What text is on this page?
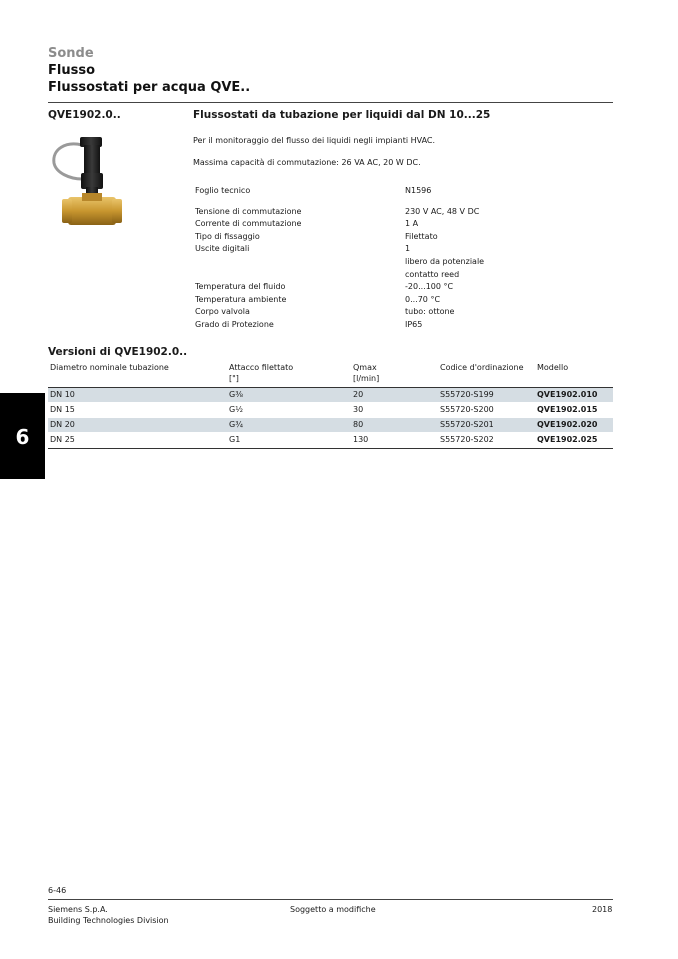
Sonde
Flusso
Flussostati per acqua QVE..
QVE1902.0..	Flussostati da tubazione per liquidi dal DN 10...25
Per il monitoraggio del flusso dei liquidi negli impianti HVAC.
Massima capacità di commutazione: 26 VA AC, 20 W DC.
Foglio tecnico	N1596
Tensione di commutazione	230 V AC, 48 V DC
Corrente di commutazione	1 A
Tipo di fissaggio	Filettato
Uscite digitali	1
libero da potenziale
contatto reed
Temperatura del fluido	-20...100 °C
Temperatura ambiente	0...70 °C
Corpo valvola	tubo: ottone
Grado di Protezione	IP65
Versioni di QVE1902.0..
Diametro nominale tubazione	Attacco filettato
["]
Qmax
[l/min]
Codice d'ordinazione Modello
DN 10	G⅜	20	S55720-S199	QVE1902.010
DN 15	G½	30	S55720-S200	QVE1902.015
DN 20	G¾	80	S55720-S201	QVE1902.020
DN 25	G1	130	S55720-S202	QVE1902.025
6
6-46
Siemens S.p.A.
Building Technologies Division
Soggetto a modifiche	2018
